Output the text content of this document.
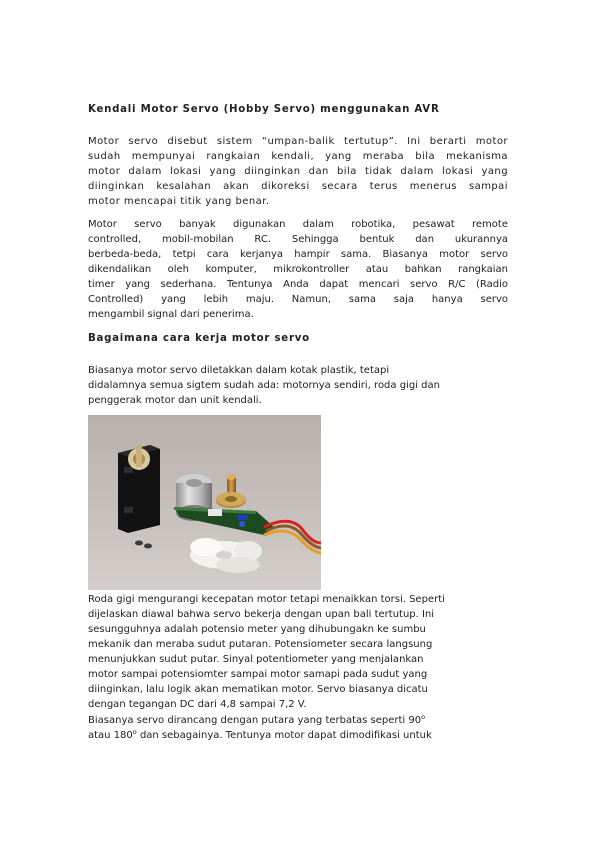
Kendali Motor Servo (Hobby Servo) menggunakan AVR
Motor servo disebut sistem “umpan-balik tertutup”. Ini berarti motor
sudah mempunyai rangkaian kendali, yang meraba bila mekanisma
motor dalam lokasi yang diinginkan dan bila tidak dalam lokasi yang
diinginkan kesalahan akan dikoreksi secara terus menerus sampai
motor mencapai titik yang benar.
Motor servo banyak digunakan dalam robotika, pesawat remote
controlled, mobil-mobilan RC. Sehingga bentuk dan ukurannya
berbeda-beda, tetpi cara kerjanya hampir sama. Biasanya motor servo
dikendalikan oleh komputer, mikrokontroller atau bahkan rangkaian
timer yang sederhana. Tentunya Anda dapat mencari servo R/C (Radio
Controlled) yang lebih maju. Namun, sama saja hanya servo
mengambil signal dari penerima.
Bagaimana cara kerja motor servo
Biasanya motor servo diletakkan dalam kotak plastik, tetapi
didalamnya semua sigtem sudah ada: motornya sendiri, roda gigi dan
penggerak motor dan unit kendali.
Roda gigi mengurangi kecepatan motor tetapi menaikkan torsi. Seperti
dijelaskan diawal bahwa servo bekerja dengan upan bali tertutup. Ini
sesungguhnya adalah potensio meter yang dihubungakn ke sumbu
mekanik dan meraba sudut putaran. Potensiometer secara langsung
menunjukkan sudut putar. Sinyal potentiometer yang menjalankan
motor sampai potensiomter sampai motor samapi pada sudut yang
diinginkan, lalu logik akan mematikan motor. Servo biasanya dicatu
dengan tegangan DC dari 4,8 sampai 7,2 V.
Biasanya servo dirancang dengan putara yang terbatas seperti 90$^o$
atau 180$^o$ dan sebagainya. Tentunya motor dapat dimodifikasi untuk
